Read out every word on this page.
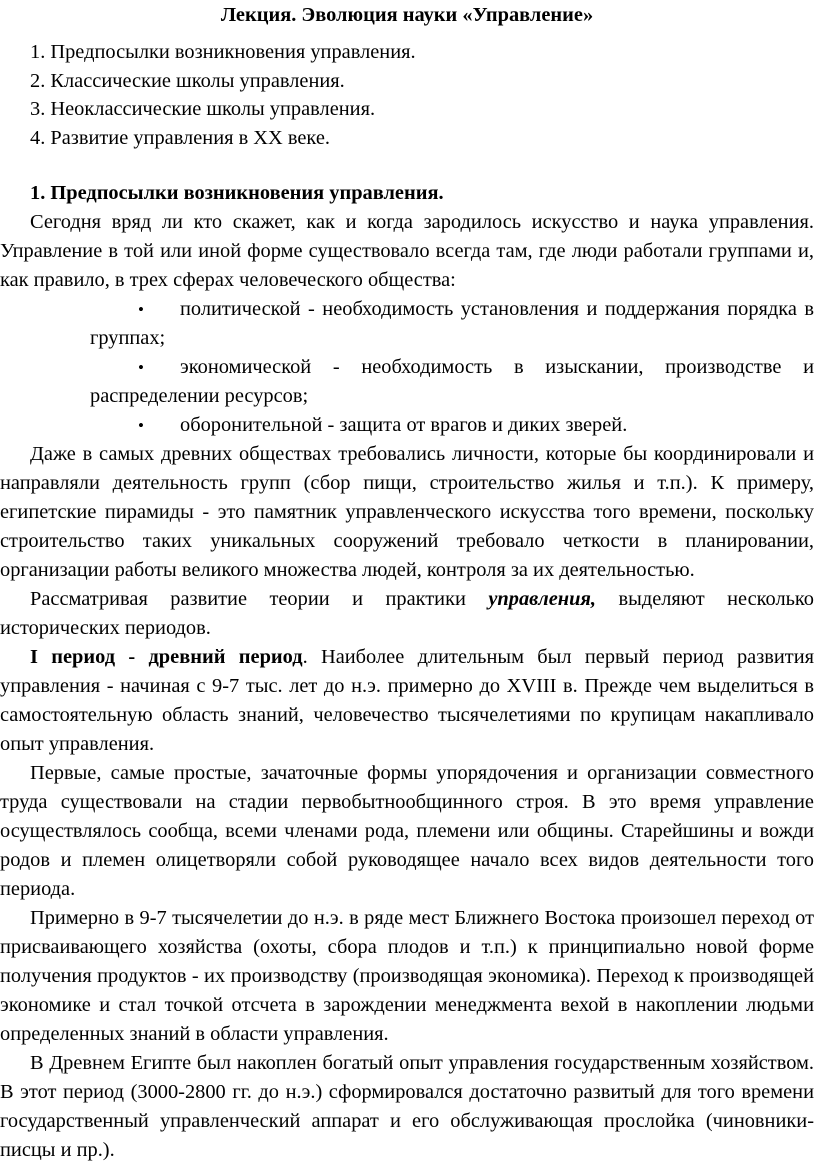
Лекция. Эволюция науки «Управление»
1. Предпосылки возникновения управления.
2. Классические школы управления.
3. Неоклассические школы управления.
4. Развитие управления в XX веке.
1. Предпосылки возникновения управления.

Сегодня вряд ли кто скажет, как и когда зародилось искусство и наука управления. Управление в той или иной форме существовало всегда там, где люди работали группами и, как правило, в трех сферах человеческого общества:

• политической - необходимость установления и поддержания порядка в группах;
• экономической - необходимость в изыскании, производстве и распределении ресурсов;
• оборонительной - защита от врагов и диких зверей.

Даже в самых древних обществах требовались личности, которые бы координировали и направляли деятельность групп (сбор пищи, строительство жилья и т.п.). К примеру, египетские пирамиды - это памятник управленческого искусства того времени, поскольку строительство таких уникальных сооружений требовало четкости в планировании, организации работы великого множества людей, контроля за их деятельностью.

Рассматривая развитие теории и практики управления, выделяют несколько исторических периодов.

I период - древний период. Наиболее длительным был первый период развития управления - начиная с 9-7 тыс. лет до н.э. примерно до XVIII в. Прежде чем выделиться в самостоятельную область знаний, человечество тысячелетиями по крупицам накапливало опыт управления.

Первые, самые простые, зачаточные формы упорядочения и организации совместного труда существовали на стадии первобытнообщинного строя. В это время управление осуществлялось сообща, всеми членами рода, племени или общины. Старейшины и вожди родов и племен олицетворяли собой руководящее начало всех видов деятельности того периода.

Примерно в 9-7 тысячелетии до н.э. в ряде мест Ближнего Востока произошел переход от присваивающего хозяйства (охоты, сбора плодов и т.п.) к принципиально новой форме получения продуктов - их производству (производящая экономика). Переход к производящей экономике и стал точкой отсчета в зарождении менеджмента вехой в накоплении людьми определенных знаний в области управления.

В Древнем Египте был накоплен богатый опыт управления государственным хозяйством. В этот период (3000-2800 гг. до н.э.) сформировался достаточно развитый для того времени государственный управленческий аппарат и его обслуживающая прослойка (чиновники-писцы и пр.).
